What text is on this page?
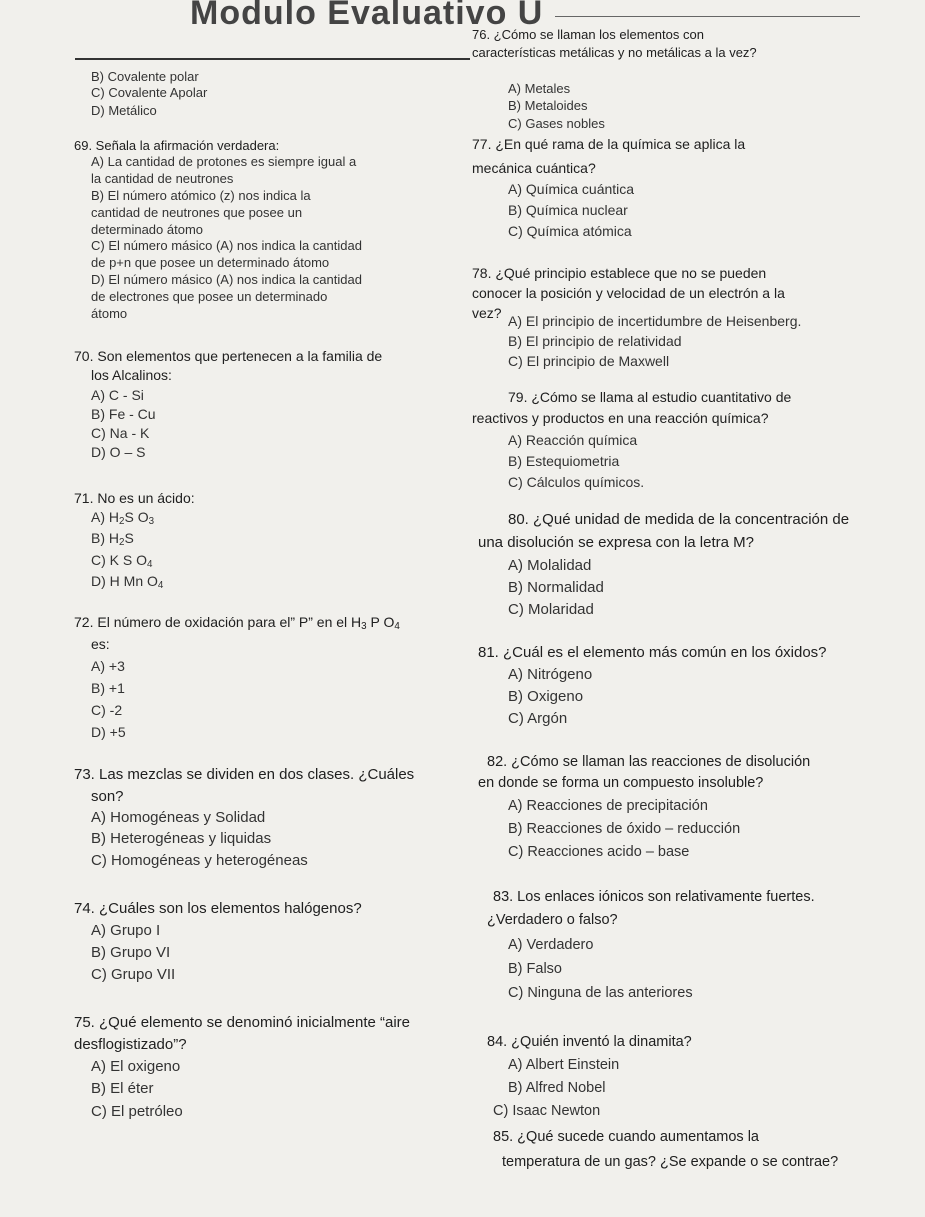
Modulo Evaluativo U
B) Covalente polar
C) Covalente Apolar
D) Metálico
69. Señala la afirmación verdadera:
A) La cantidad de protones es siempre igual a
la cantidad de neutrones
B) El número atómico (z) nos indica la
cantidad de neutrones que posee un
determinado átomo
C) El número másico (A) nos indica la cantidad
de p+n que posee un determinado átomo
D) El número másico (A) nos indica la cantidad
de electrones que posee un determinado
átomo
70. Son elementos que pertenecen a la familia de
los Alcalinos:
A) C - Si
B) Fe - Cu
C) Na - K
D) O – S
71. No es un ácido:
A) $H_2S$ $O_3$
B) $H_2S$
C) K S $O_4$
D) H Mn $O_4$
72. El número de oxidación para el” P” en el $H_3$ P $O_4$
es:
A) +3
B) +1
C) -2
D) +5
73. Las mezclas se dividen en dos clases. ¿Cuáles
son?
A) Homogéneas y Solidad
B) Heterogéneas y liquidas
C) Homogéneas y heterogéneas
74. ¿Cuáles son los elementos halógenos?
A) Grupo I
B) Grupo VI
C) Grupo VII
75. ¿Qué elemento se denominó inicialmente “aire
desflogistizado”?
A) El oxigeno
B) El éter
C) El petróleo
76. ¿Cómo se llaman los elementos con
características metálicas y no metálicas a la vez?
A) Metales
B) Metaloides
C) Gases nobles
77. ¿En qué rama de la química se aplica la
mecánica cuántica?
A) Química cuántica
B) Química nuclear
C) Química atómica
78. ¿Qué principio establece que no se pueden
conocer la posición y velocidad de un electrón a la
vez? A) El principio de incertidumbre de Heisenberg.
B) El principio de relatividad
C) El principio de Maxwell
79. ¿Cómo se llama al estudio cuantitativo de
reactivos y productos en una reacción química?
A) Reacción química
B) Estequiometria
C) Cálculos químicos.
80. ¿Qué unidad de medida de la concentración de
una disolución se expresa con la letra M?
A) Molalidad
B) Normalidad
C) Molaridad
81. ¿Cuál es el elemento más común en los óxidos?
A) Nitrógeno
B) Oxigeno
C) Argón
82. ¿Cómo se llaman las reacciones de disolución
en donde se forma un compuesto insoluble?
A) Reacciones de precipitación
B) Reacciones de óxido – reducción
C) Reacciones acido – base
83. Los enlaces iónicos son relativamente fuertes.
¿Verdadero o falso?
A) Verdadero
B) Falso
C) Ninguna de las anteriores
84. ¿Quién inventó la dinamita?
A) Albert Einstein
B) Alfred Nobel
C) Isaac Newton
85. ¿Qué sucede cuando aumentamos la
temperatura de un gas? ¿Se expande o se contrae?
